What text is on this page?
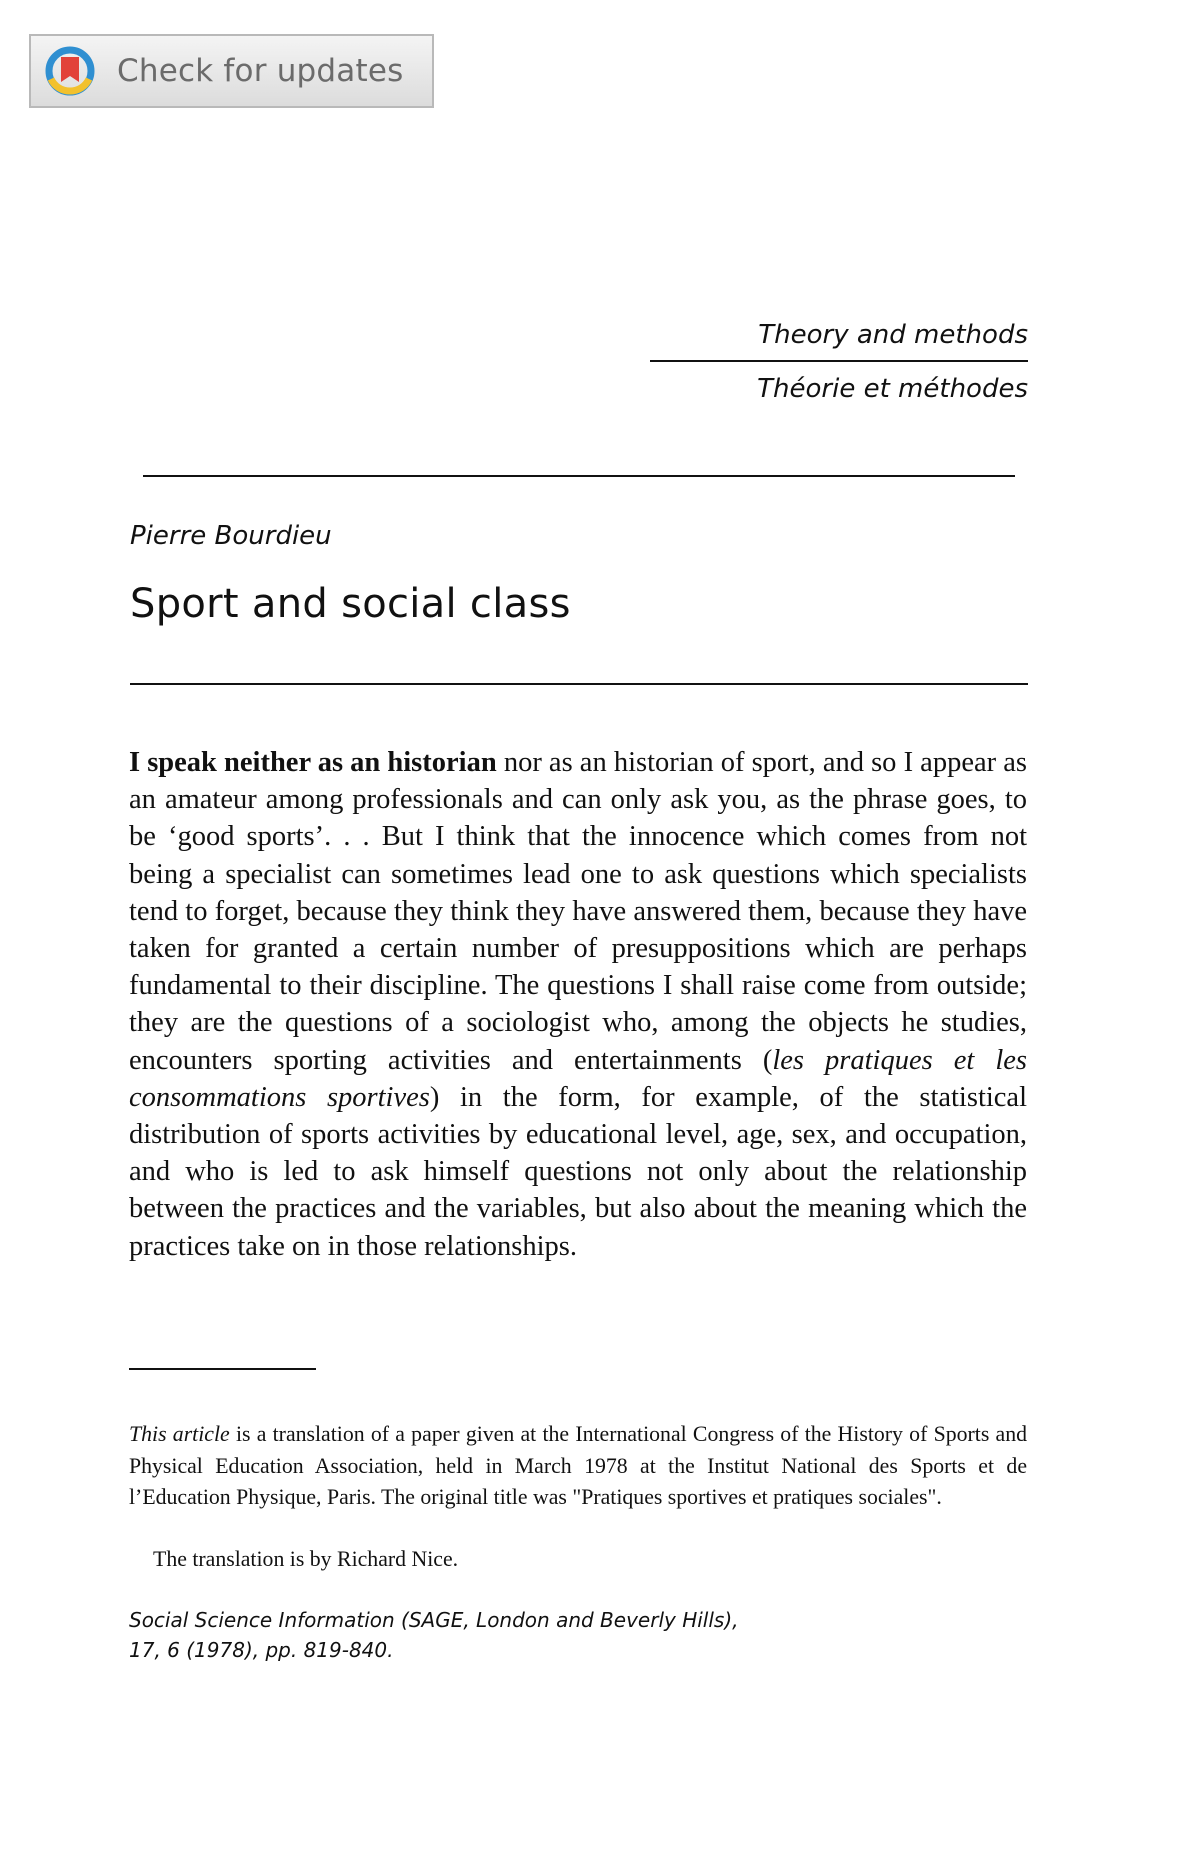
Check for updates
Theory and methods
Théorie et méthodes
Pierre Bourdieu
Sport and social class

I speak neither as an historian nor as an historian of sport, and so I appear as an amateur among professionals and can only ask you, as the phrase goes, to be ‘good sports’. . . But I think that the innocence which comes from not being a specialist can sometimes lead one to ask questions which specialists tend to forget, because they think they have answered them, because they have taken for granted a certain number of presuppositions which are perhaps fundamental to their discipline. The questions I shall raise come from outside; they are the questions of a sociologist who, among the objects he studies, encounters sporting activities and entertainments (les pratiques et les consommations sportives) in the form, for example, of the statistical distribution of sports activities by educational level, age, sex, and occupation, and who is led to ask himself questions not only about the relationship between the practices and the variables, but also about the meaning which the practices take on in those relationships.

This article is a translation of a paper given at the International Congress of the History of Sports and Physical Education Association, held in March 1978 at the Institut National des Sports et de l’Education Physique, Paris. The original title was "Pratiques sportives et pratiques sociales".

The translation is by Richard Nice.
Social Science Information (SAGE, London and Beverly Hills),
17, 6 (1978), pp. 819-840.
